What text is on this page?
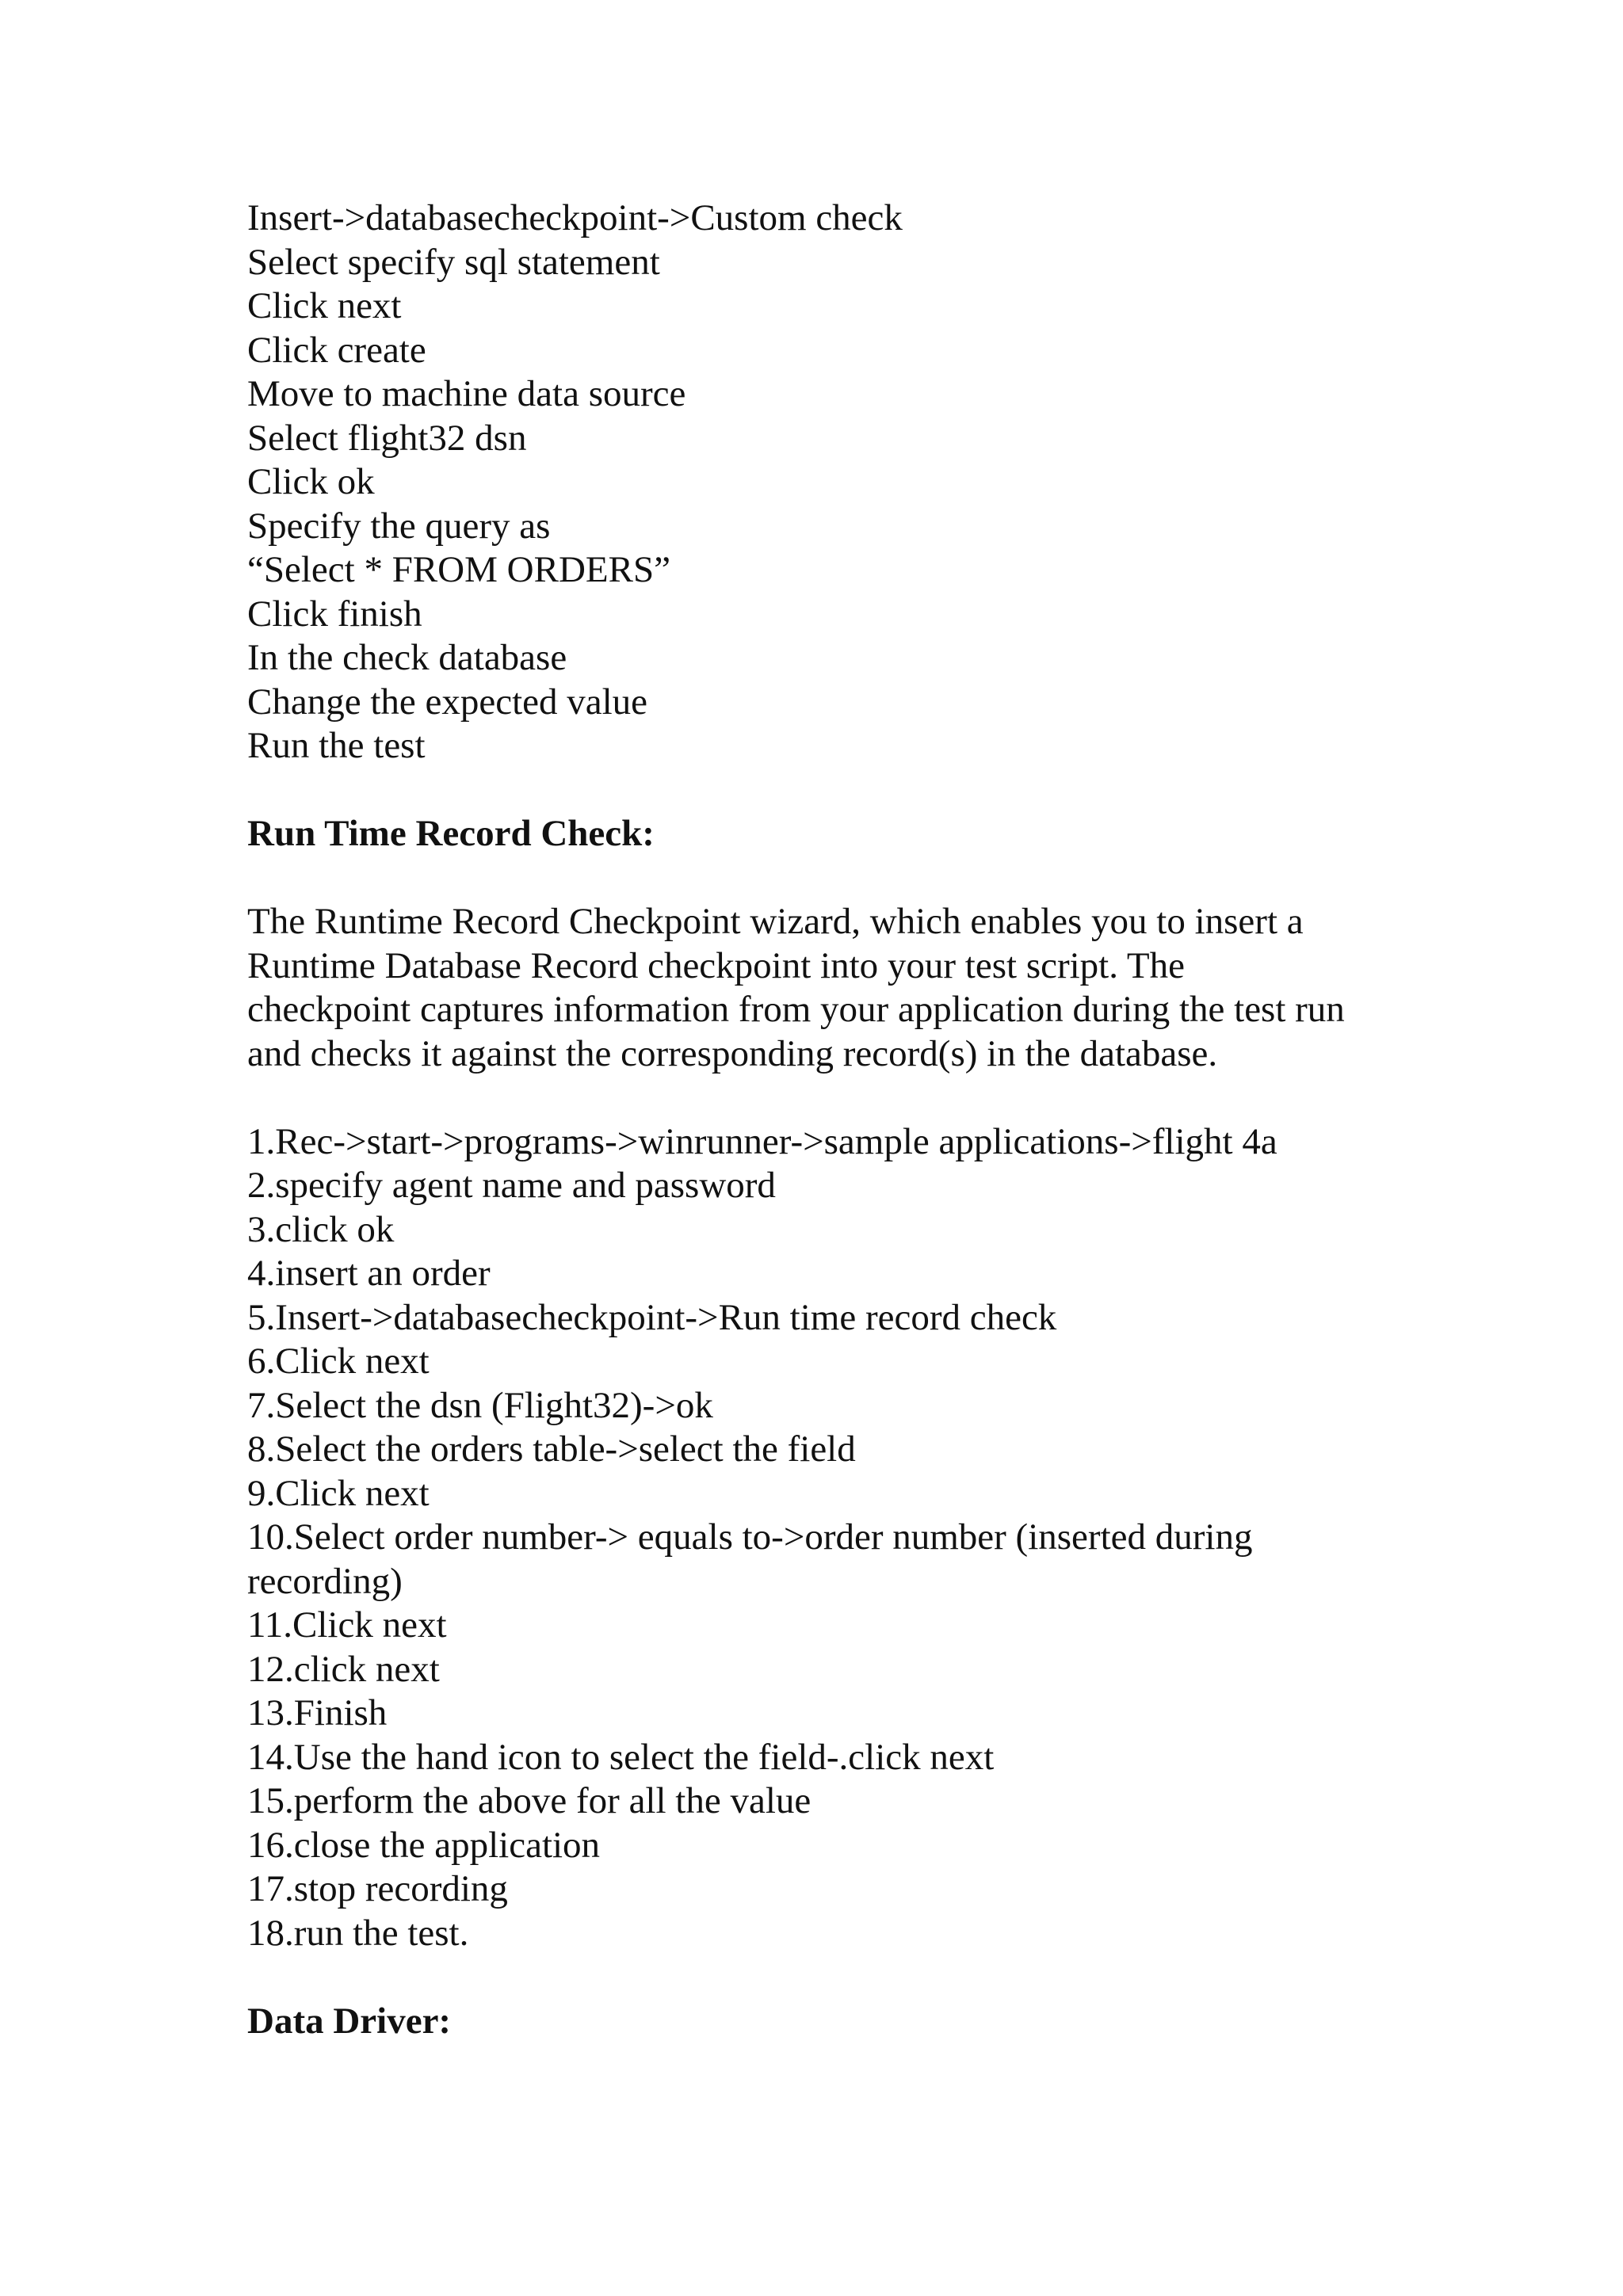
Insert->databasecheckpoint->Custom check
Select specify sql statement
Click next
Click create
Move to machine data source
Select flight32 dsn
Click ok
Specify the query as
“Select * FROM ORDERS”
Click finish
In the check database
Change the expected value
Run the test
Run Time Record Check:
The Runtime Record Checkpoint wizard, which enables you to insert a
Runtime Database Record checkpoint into your test script. The
checkpoint captures information from your application during the test run
and checks it against the corresponding record(s) in the database.
1.Rec->start->programs->winrunner->sample applications->flight 4a
2.specify agent name and password
3.click ok
4.insert an order
5.Insert->databasecheckpoint->Run time record check
6.Click next
7.Select the dsn (Flight32)->ok
8.Select the orders table->select the field
9.Click next
10.Select order number-> equals to->order number (inserted during
recording)
11.Click next
12.click next
13.Finish
14.Use the hand icon to select the field-.click next
15.perform the above for all the value
16.close the application
17.stop recording
18.run the test.
Data Driver:
